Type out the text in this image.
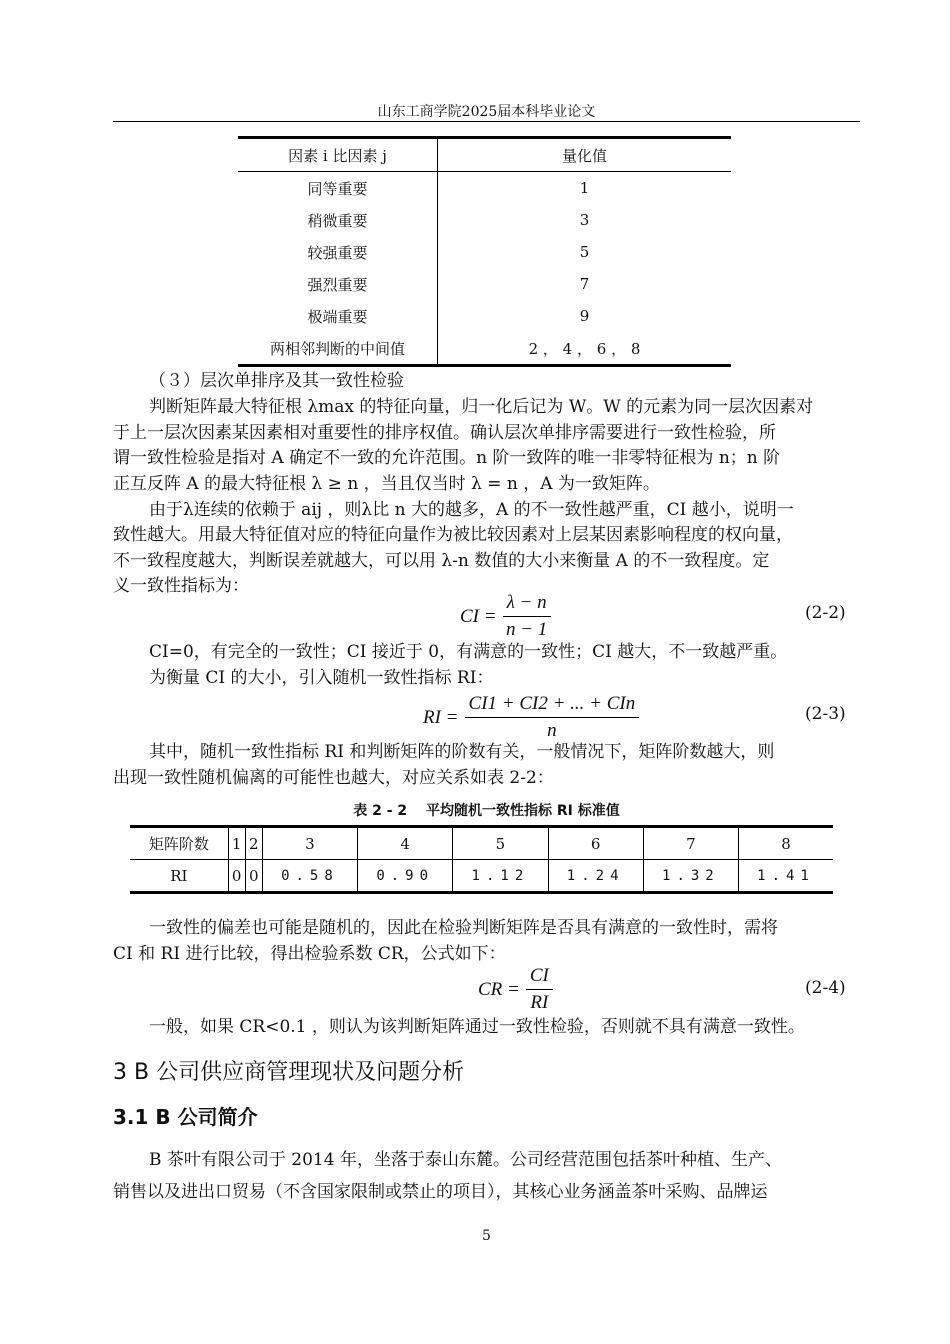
山东工商学院2025届本科毕业论文
因素 i 比因素 j	量化值
同等重要	1
稍微重要	3
较强重要	5
强烈重要	7
极端重要	9
两相邻判断的中间值	2 ， 4 ， 6 ， 8
（３）层次单排序及其一致性检验
判断矩阵最大特征根 λmax 的特征向量，归一化后记为 W。W 的元素为同一层次因素对
于上一层次因素某因素相对重要性的排序权值。确认层次单排序需要进行一致性检验，所
谓一致性检验是指对 A 确定不一致的允许范围。n 阶一致阵的唯一非零特征根为 n；n 阶
正互反阵 A 的最大特征根 λ ≥ n ，当且仅当时 λ = n ，A 为一致矩阵。
由于λ连续的依赖于 aij ，则λ比 n 大的越多，A 的不一致性越严重，CI 越小，说明一
致性越大。用最大特征值对应的特征向量作为被比较因素对上层某因素影响程度的权向量，
不一致程度越大，判断误差就越大，可以用 λ-n 数值的大小来衡量 A 的不一致程度。定
义一致性指标为：
CI = $\frac{\lambda - n}{n - 1}$	(2-2)
CI=0，有完全的一致性；CI 接近于 0，有满意的一致性；CI 越大，不一致越严重。
为衡量 CI 的大小，引入随机一致性指标 RI：
RI = $\frac{\text{CI1 + CI2 + ... + CIn}}{n}$	(2-3)
其中，随机一致性指标 RI 和判断矩阵的阶数有关，一般情况下，矩阵阶数越大，则
出现一致性随机偏离的可能性也越大，对应关系如表 2-2：
表 2 - 2　 平均随机一致性指标 RI 标准值
矩阵阶数	1	2	3	4	5	6	7	8
RI	0	0	0.58	0.90	1.12	1.24	1.32	1.41
一致性的偏差也可能是随机的，因此在检验判断矩阵是否具有满意的一致性时，需将
CI 和 RI 进行比较，得出检验系数 CR，公式如下：
CR = $\frac{CI}{RI}$	(2-4)
一般，如果 CR<0.1 ，则认为该判断矩阵通过一致性检验，否则就不具有满意一致性。
3 B 公司供应商管理现状及问题分析
3.1 B 公司简介
B 茶叶有限公司于 2014 年，坐落于泰山东麓。公司经营范围包括茶叶种植、生产、
销售以及进出口贸易（不含国家限制或禁止的项目），其核心业务涵盖茶叶采购、品牌运
5
